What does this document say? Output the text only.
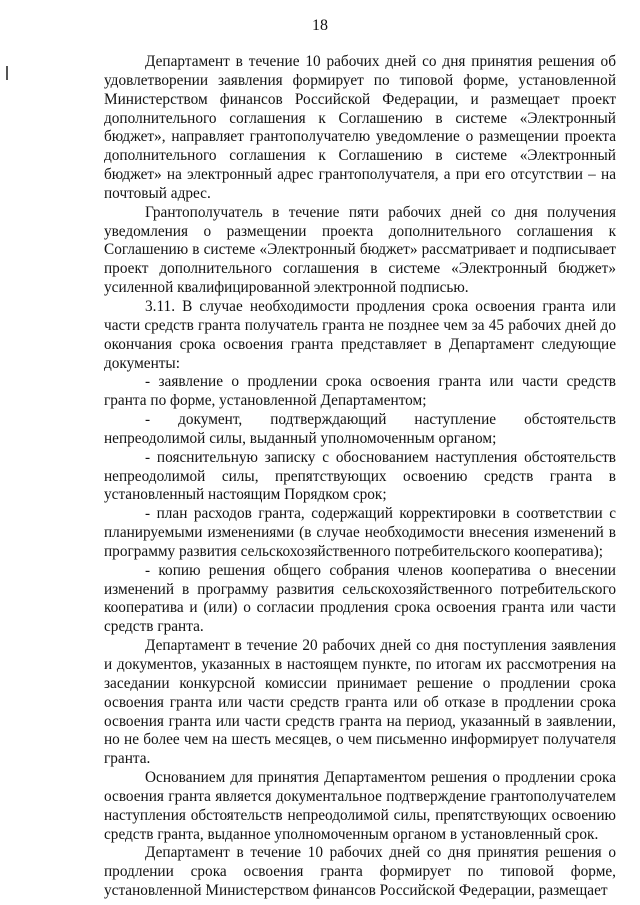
18

Департамент в течение 10 рабочих дней со дня принятия решения об удовлетворении заявления формирует по типовой форме, установленной Министерством финансов Российской Федерации, и размещает проект дополнительного соглашения к Соглашению в системе «Электронный бюджет», направляет грантополучателю уведомление о размещении проекта дополнительного соглашения к Соглашению в системе «Электронный бюджет» на электронный адрес грантополучателя, а при его отсутствии – на почтовый адрес.

Грантополучатель в течение пяти рабочих дней со дня получения уведомления о размещении проекта дополнительного соглашения к Соглашению в системе «Электронный бюджет» рассматривает и подписывает проект дополнительного соглашения в системе «Электронный бюджет» усиленной квалифицированной электронной подписью.

3.11. В случае необходимости продления срока освоения гранта или части средств гранта получатель гранта не позднее чем за 45 рабочих дней до окончания срока освоения гранта представляет в Департамент следующие документы:

- заявление о продлении срока освоения гранта или части средств гранта по форме, установленной Департаментом;

- документ, подтверждающий наступление обстоятельств непреодолимой силы, выданный уполномоченным органом;

- пояснительную записку с обоснованием наступления обстоятельств непреодолимой силы, препятствующих освоению средств гранта в установленный настоящим Порядком срок;

- план расходов гранта, содержащий корректировки в соответствии с планируемыми изменениями (в случае необходимости внесения изменений в программу развития сельскохозяйственного потребительского кооператива);

- копию решения общего собрания членов кооператива о внесении изменений в программу развития сельскохозяйственного потребительского кооператива и (или) о согласии продления срока освоения гранта или части средств гранта.

Департамент в течение 20 рабочих дней со дня поступления заявления и документов, указанных в настоящем пункте, по итогам их рассмотрения на заседании конкурсной комиссии принимает решение о продлении срока освоения гранта или части средств гранта или об отказе в продлении срока освоения гранта или части средств гранта на период, указанный в заявлении, но не более чем на шесть месяцев, о чем письменно информирует получателя гранта.

Основанием для принятия Департаментом решения о продлении срока освоения гранта является документальное подтверждение грантополучателем наступления обстоятельств непреодолимой силы, препятствующих освоению средств гранта, выданное уполномоченным органом в установленный срок.

Департамент в течение 10 рабочих дней со дня принятия решения о продлении срока освоения гранта формирует по типовой форме, установленной Министерством финансов Российской Федерации, размещает
